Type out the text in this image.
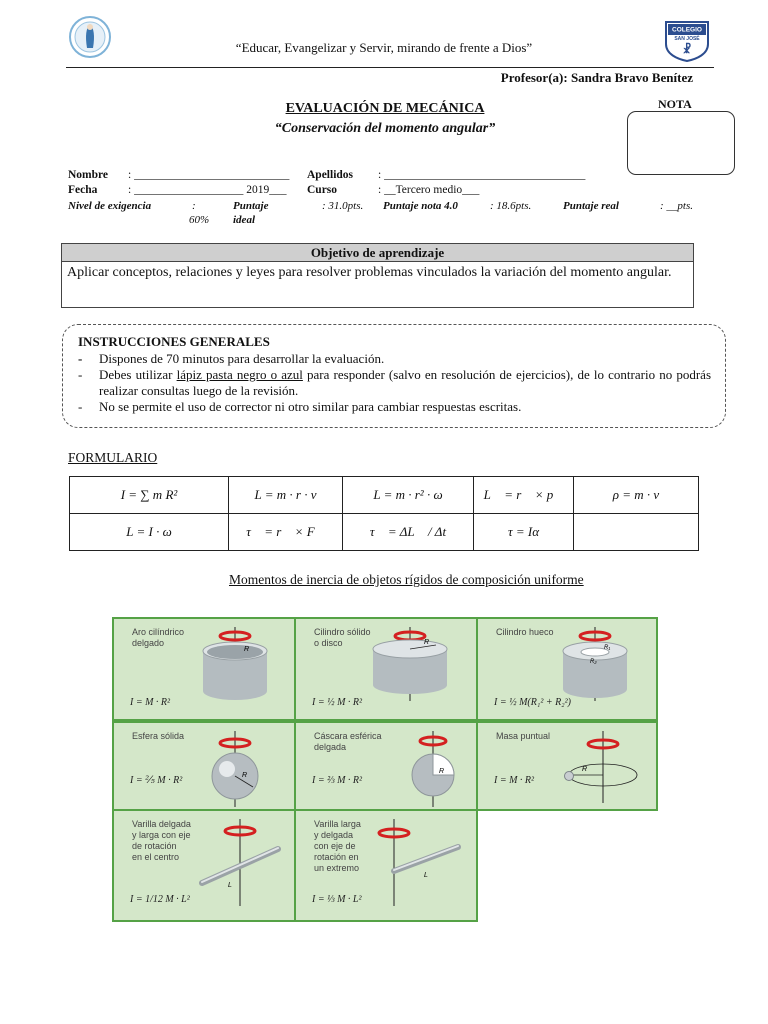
“Educar, Evangelizar y Servir, mirando de frente a Dios”
COLEGIO
SAN JOSÉ
☧
Profesor(a): Sandra Bravo Benítez
EVALUACIÓN DE MECÁNICA
“Conservación del momento angular”
NOTA
Nombre : ___________________________ Apellidos : ___________________________________
Fecha	: ___________________ 2019___ Curso	: __Tercero medio___
Nivel de exigencia	:
60%
Puntaje
ideal
: 31.0pts. Puntaje nota 4.0	: 18.6pts.	Puntaje real	: __pts.
Objetivo de aprendizaje
Aplicar conceptos, relaciones y leyes para resolver problemas vinculados la variación del momento angular.
INSTRUCCIONES GENERALES
- Dispones de 70 minutos para desarrollar la evaluación.
- Debes utilizar lápiz pasta negro o azul para responder (salvo en resolución de ejercicios), de lo contrario no podrás realizar consultas luego de la revisión.
- No se permite el uso de corrector ni otro similar para cambiar respuestas escritas.
FORMULARIO
I = ∑ m R²	L = m · r · v	L = m · r² · ω	L⃗ = r⃗ × p⃗	ρ = m · v
L = I · ω	τ⃗ = r⃗ × F⃗	τ⃗ = ΔL⃗ / Δt	τ = Iα	
Momentos de inercia de objetos rígidos de composición uniforme
Aro cilíndrico
delgado
R
I = M · R²
Cilindro sólido
o disco	R
I = ½ M · R²
Cilindro hueco
R₁
R₂
I = ½ M(R₁² + R₂²)
Esfera sólida
R
I = ⅖ M · R²
Cáscara esférica
delgada
R
I = ⅔ M · R²
Masa puntual
R
I = M · R²
Varilla delgada
y larga con eje
de rotación
en el centro
L
I = 1/12 M · L²
Varilla larga
y delgada
con eje de
rotación en
un extremo
L
I = ⅓ M · L²
